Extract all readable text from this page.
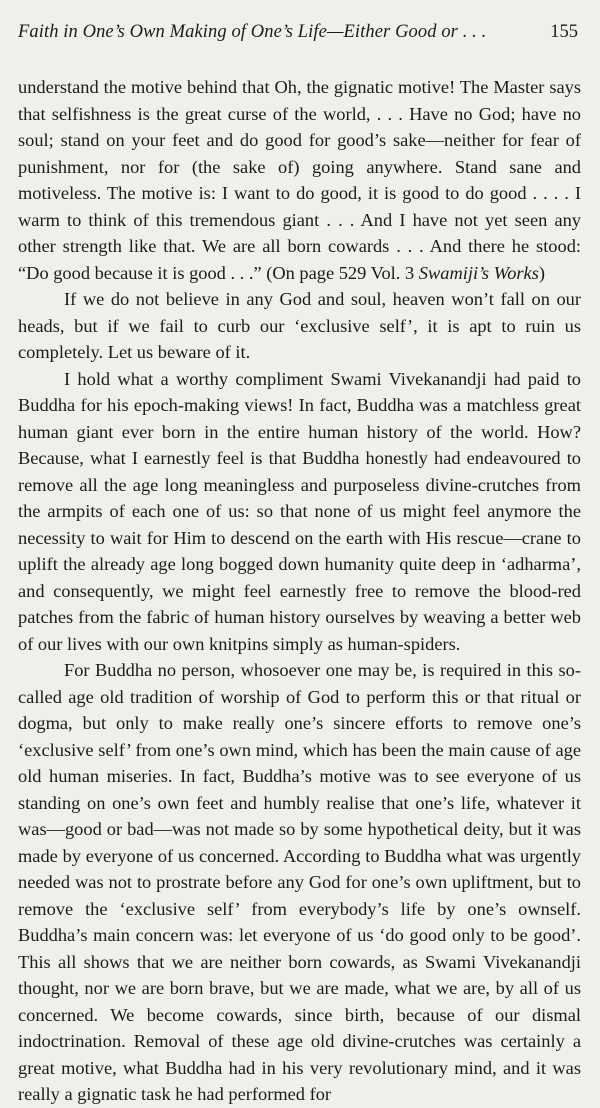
Faith in One’s Own Making of One’s Life—Either Good or . . .	155

understand the motive behind that Oh, the gignatic motive! The Master says that selfishness is the great curse of the world, . . . Have no God; have no soul; stand on your feet and do good for good’s sake—neither for fear of punishment, nor for (the sake of) going anywhere. Stand sane and motiveless. The motive is: I want to do good, it is good to do good . . . . I warm to think of this tremendous giant . . . And I have not yet seen any other strength like that. We are all born cowards . . . And there he stood: “Do good because it is good . . .” (On page 529 Vol. 3 Swamiji’s Works)

If we do not believe in any God and soul, heaven won’t fall on our heads, but if we fail to curb our ‘exclusive self’, it is apt to ruin us completely. Let us beware of it.

I hold what a worthy compliment Swami Vivekanandji had paid to Buddha for his epoch-making views! In fact, Buddha was a matchless great human giant ever born in the entire human history of the world. How? Because, what I earnestly feel is that Buddha honestly had endeavoured to remove all the age long meaningless and purposeless divine-crutches from the armpits of each one of us: so that none of us might feel anymore the necessity to wait for Him to descend on the earth with His rescue—crane to uplift the already age long bogged down humanity quite deep in ‘adharma’, and consequently, we might feel earnestly free to remove the blood-red patches from the fabric of human history ourselves by weaving a better web of our lives with our own knitpins simply as human-spiders.

For Buddha no person, whosoever one may be, is required in this so-called age old tradition of worship of God to perform this or that ritual or dogma, but only to make really one’s sincere efforts to remove one’s ‘exclusive self’ from one’s own mind, which has been the main cause of age old human miseries. In fact, Buddha’s motive was to see everyone of us standing on one’s own feet and humbly realise that one’s life, whatever it was—good or bad—was not made so by some hypothetical deity, but it was made by everyone of us concerned. According to Buddha what was urgently needed was not to prostrate before any God for one’s own upliftment, but to remove the ‘exclusive self’ from everybody’s life by one’s ownself. Buddha’s main concern was: let everyone of us ‘do good only to be good’. This all shows that we are neither born cowards, as Swami Vivekanandji thought, nor we are born brave, but we are made, what we are, by all of us concerned. We become cowards, since birth, because of our dismal indoctrination. Removal of these age old divine-crutches was certainly a great motive, what Buddha had in his very revolutionary mind, and it was really a gignatic task he had performed for
